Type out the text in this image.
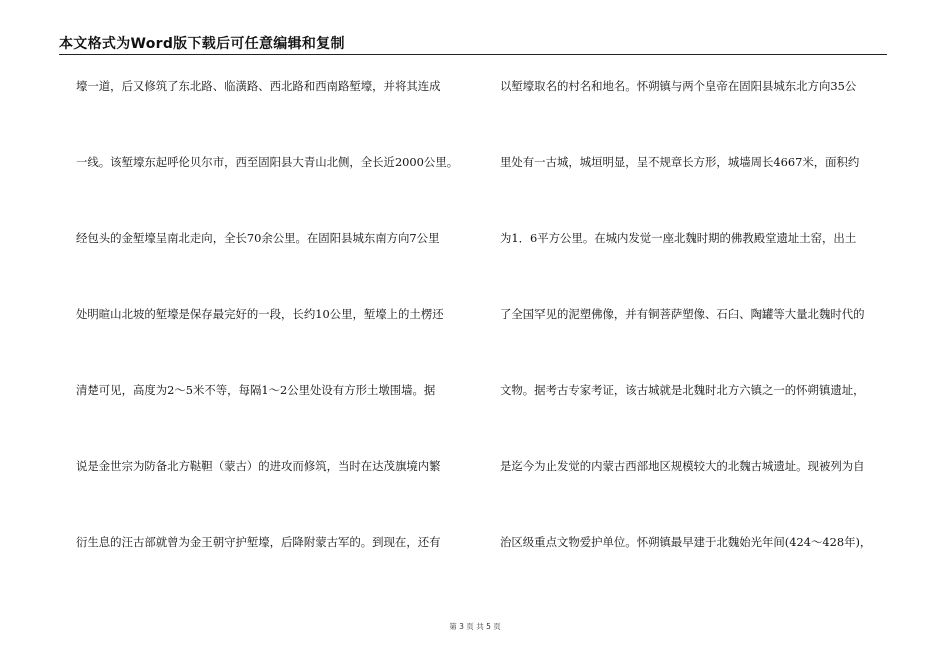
本文格式为Word版下载后可任意编辑和复制
壕一道，后又修筑了东北路、临潢路、西北路和西南路堑壕，并将其连成
一线。该堑壕东起呼伦贝尔市，西至固阳县大青山北侧，全长近2000公里。
经包头的金堑壕呈南北走向，全长70余公里。在固阳县城东南方向7公里
处明暄山北坡的堑壕是保存最完好的一段，长约10公里，堑壕上的土楞还
清楚可见，高度为2～5米不等，每隔1～2公里处设有方形土墩围墙。据
说是金世宗为防备北方鞑靼（蒙古）的进攻而修筑，当时在达茂旗境内繁
衍生息的汪古部就曾为金王朝守护堑壕，后降附蒙古军的。到现在，还有
以堑壕取名的村名和地名。怀朔镇与两个皇帝在固阳县城东北方向35公
里处有一古城，城垣明显，呈不规章长方形，城墙周长4667米，面积约
为1．6平方公里。在城内发觉一座北魏时期的佛教殿堂遗址土窑，出土
了全国罕见的泥塑佛像，并有铜菩萨塑像、石臼、陶罐等大量北魏时代的
文物。据考古专家考证，该古城就是北魏时北方六镇之一的怀朔镇遗址，
是迄今为止发觉的内蒙古西部地区规模较大的北魏古城遗址。现被列为自
治区级重点文物爱护单位。怀朔镇最早建于北魏始光年间(424～428年)，
第 3 页 共 5 页
